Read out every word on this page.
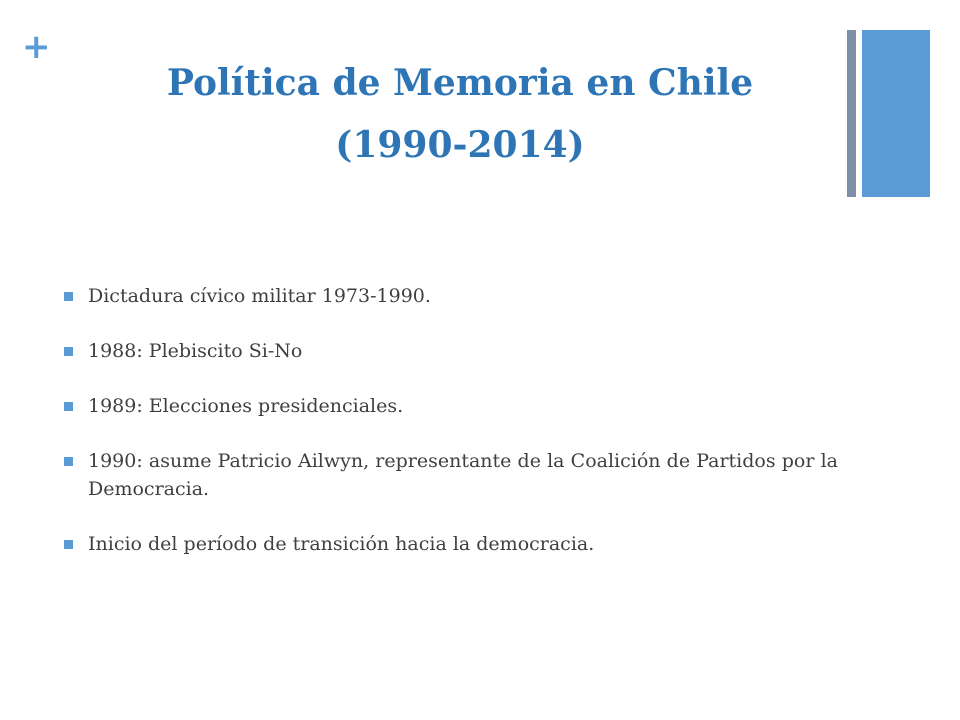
+
Política de Memoria en Chile
(1990-2014)
Dictadura cívico militar 1973-1990.
1988: Plebiscito Si-No
1989: Elecciones presidenciales.
1990: asume Patricio Ailwyn, representante de la Coalición de Partidos por la Democracia.
Inicio del período de transición hacia la democracia.
